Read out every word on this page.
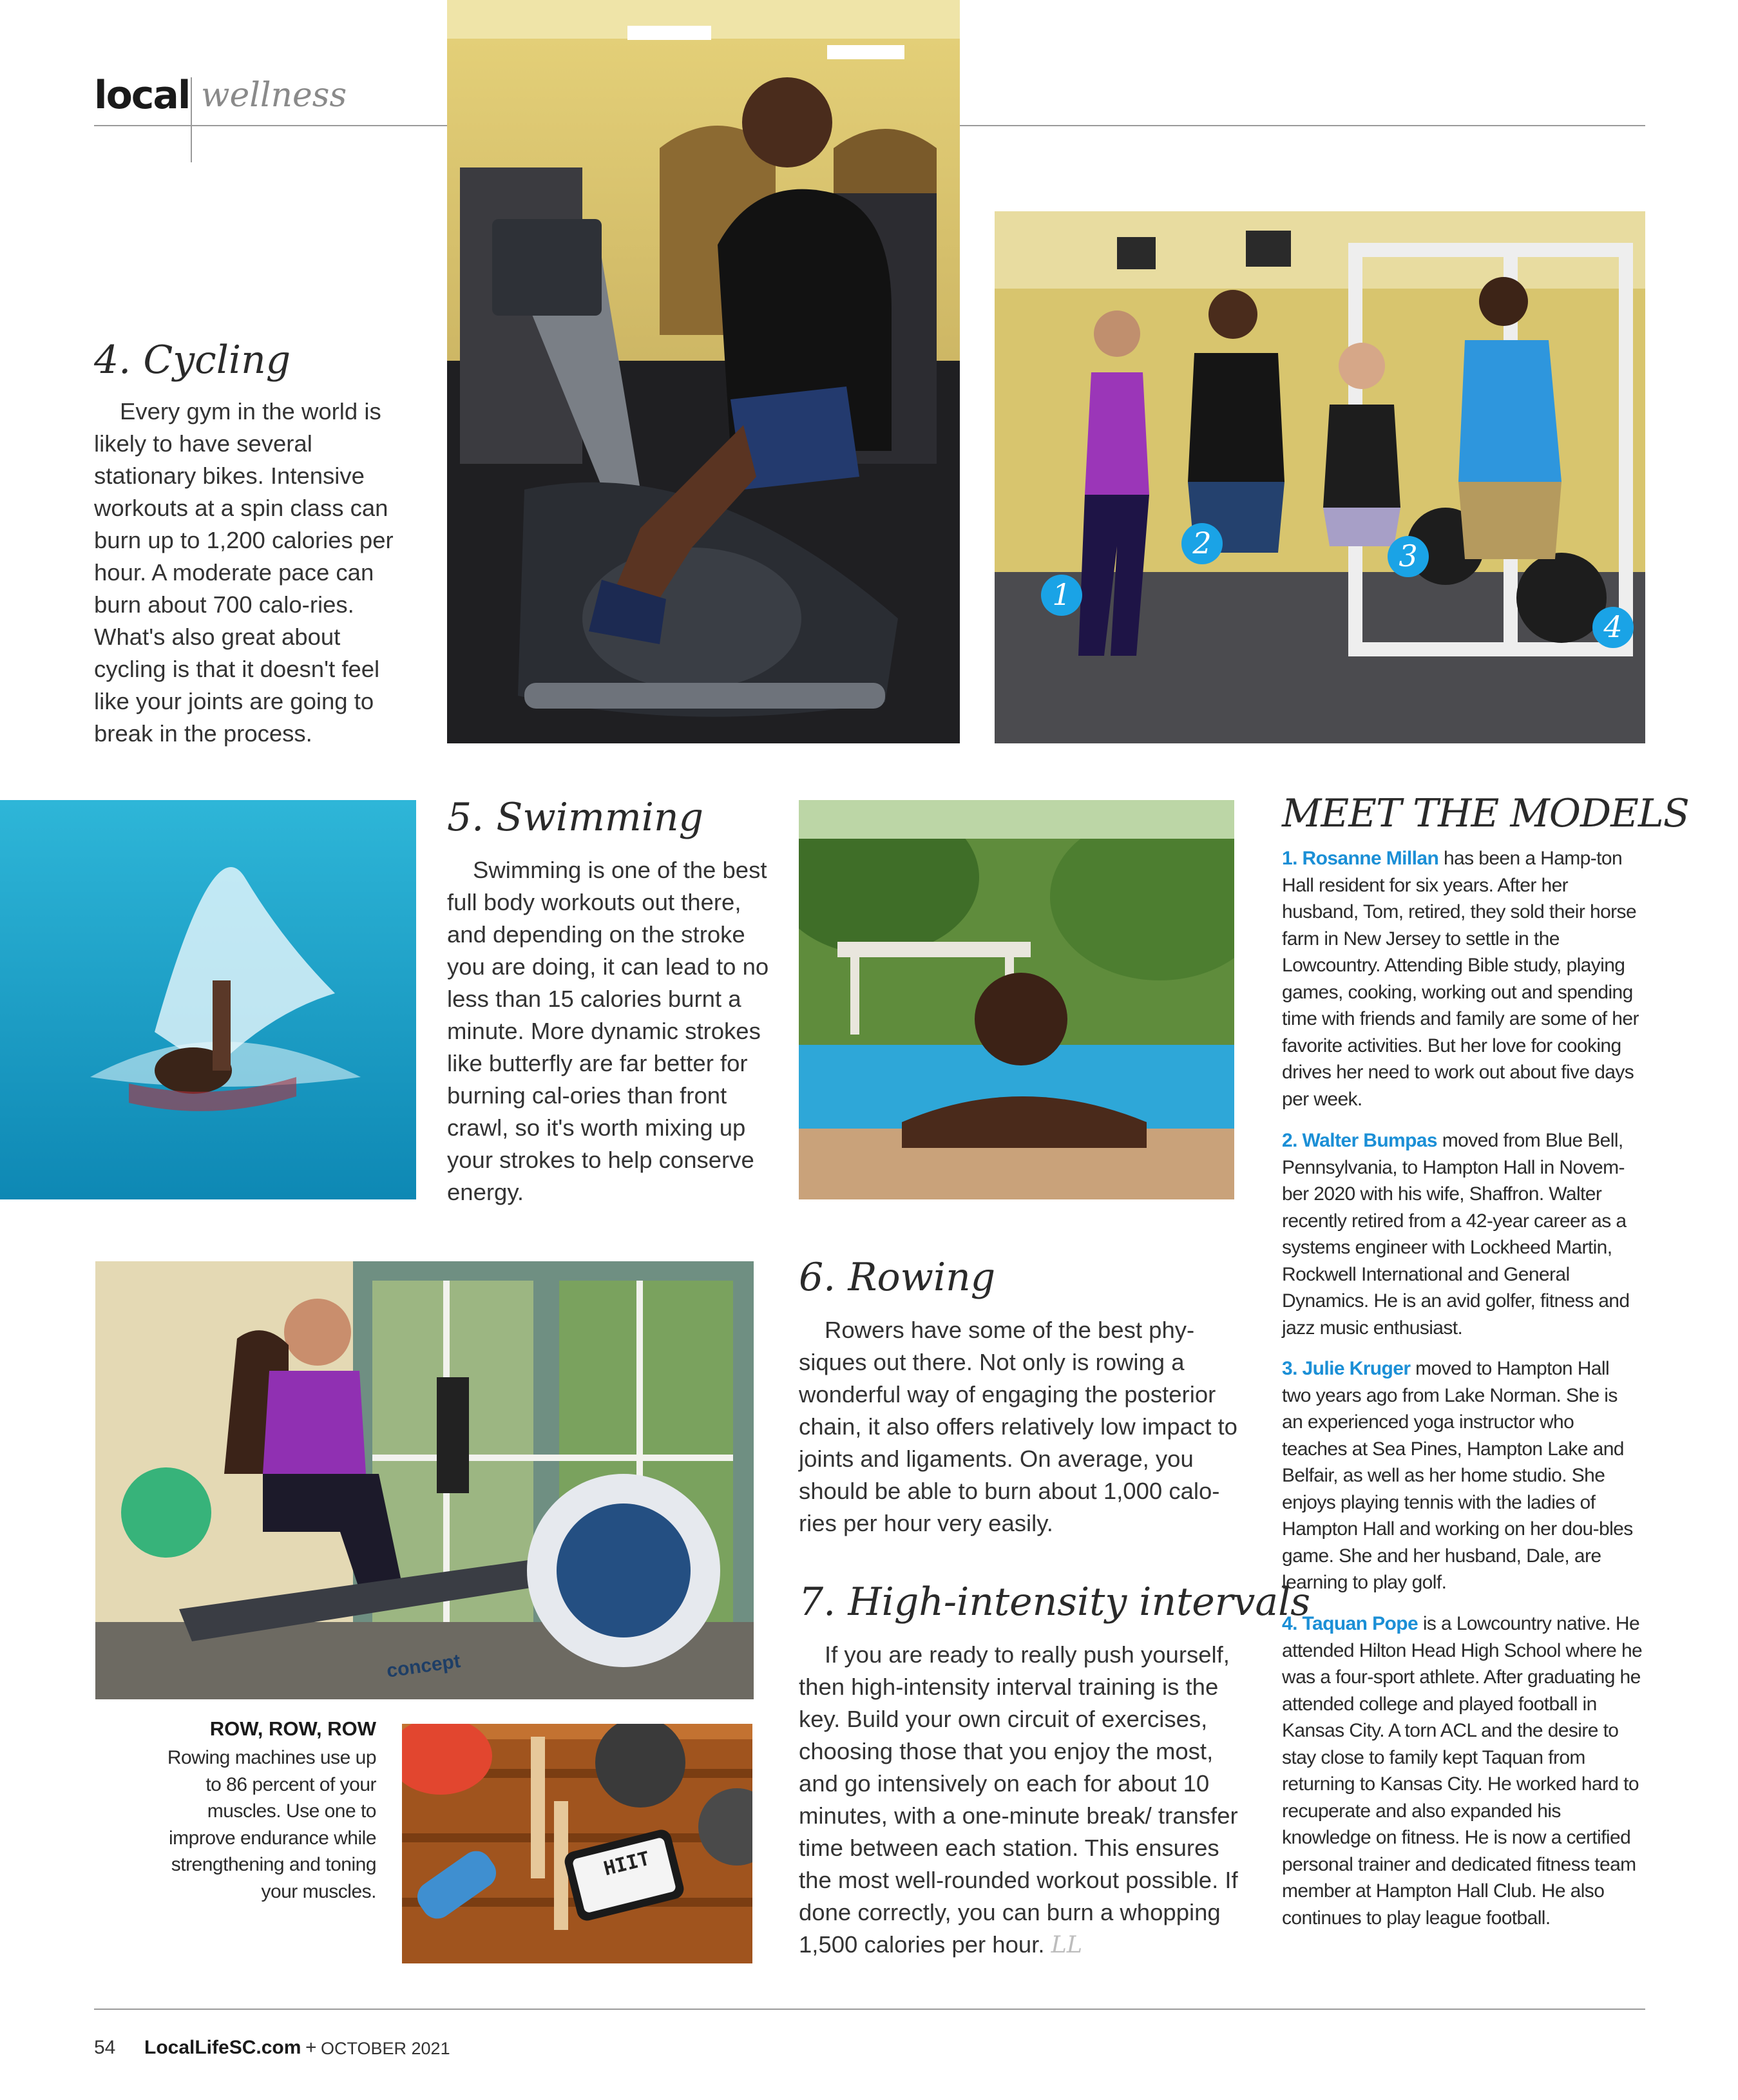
local wellness
1
2	3
4
4. Cycling

Every gym in the world is likely to have several stationary bikes. Intensive workouts at a spin class can burn up to 1,200 calories per hour. A moderate pace can burn about 700 calo-ries. What's also great about cycling is that it doesn't feel like your joints are going to break in the process.

5. Swimming

Swimming is one of the best full body workouts out there, and depending on the stroke you are doing, it can lead to no less than 15 calories burnt a minute. More dynamic strokes like butterfly are far better for burning cal-ories than front crawl, so it's worth mixing up your strokes to help conserve energy.

MEET THE MODELS

1. Rosanne Millan has been a Hamp-ton Hall resident for six years. After her husband, Tom, retired, they sold their horse farm in New Jersey to settle in the Lowcountry. Attending Bible study, playing games, cooking, working out and spending time with friends and family are some of her favorite activities. But her love for cooking drives her need to work out about five days per week.

2. Walter Bumpas moved from Blue Bell, Pennsylvania, to Hampton Hall in Novem-ber 2020 with his wife, Shaffron. Walter recently retired from a 42-year career as a systems engineer with Lockheed Martin, Rockwell International and General Dynamics. He is an avid golfer, fitness and jazz music enthusiast.

3. Julie Kruger moved to Hampton Hall two years ago from Lake Norman. She is an experienced yoga instructor who teaches at Sea Pines, Hampton Lake and Belfair, as well as her home studio. She enjoys playing tennis with the ladies of Hampton Hall and working on her dou-bles game. She and her husband, Dale, are learning to play golf.

4. Taquan Pope is a Lowcountry native. He attended Hilton Head High School where he was a four-sport athlete. After graduating he attended college and played football in Kansas City. A torn ACL and the desire to stay close to family kept Taquan from returning to Kansas City. He worked hard to recuperate and also expanded his knowledge on fitness. He is now a certified personal trainer and dedicated fitness team member at Hampton Hall Club. He also continues to play league football.

concept
ROW, ROW, ROW

Rowing machines use up to 86 percent of your muscles. Use one to improve endurance while strengthening and toning your muscles.

HIIT
6. Rowing

Rowers have some of the best phy-siques out there. Not only is rowing a wonderful way of engaging the posterior chain, it also offers relatively low impact to joints and ligaments. On average, you should be able to burn about 1,000 calo-ries per hour very easily.

7. High-intensity intervals

If you are ready to really push yourself, then high-intensity interval training is the key. Build your own circuit of exercises, choosing those that you enjoy the most, and go intensively on each for about 10 minutes, with a one-minute break/ transfer time between each station. This ensures the most well-rounded workout possible. If done correctly, you can burn a whopping 1,500 calories per hour. LL

54 LocalLifeSC.com + OCTOBER 2021
